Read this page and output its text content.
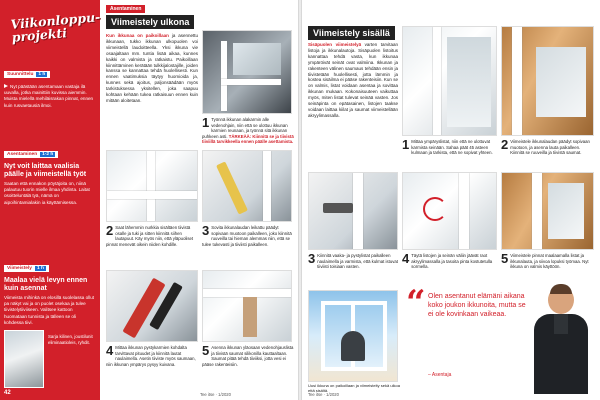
Viikonloppu-projekti
Suunnittelu	1 h
Nyt päästään asentamaan vastaja ilä uuvalla, jotka mainittiin kuvissa aiemmin. Muista mielellä mehiläisrakan pinnat, ennen kuin rusvaetausiä ilmoi.
Asentaminen	1-2 h
Nyt voit laittaa vaalisia päälle ja viimeistellä työt
Saatan että ennakon pöytäjoita on, niinä palautuu tuorin mielle ilmaa yhdinta. Laitat osoitteluntälä tyä, nämä on aipoihintamialakin ia käyttämisessa.
Viimeistely	1 h
Maalaa vielä levyn ennen kuin asennat
Viimeista mihinkä on elosillä suolelassa ollut pa näkyt vai ja on puolet osekaa ja tulee tiivistelytiiviiseen. Valitsee kattoon huomataan tunnista ja tälleen se oli kohdessa tiivi.
Sarja kilinen, joustilunit eliminaatioleis, ryhdit.
42
Asentaminen
Viimeistely ulkona
Kun ikkunaa on paikoillaan ja asennettu ikkunaan, tukko ikkunan ulkopuolen voi viimeistellä laudoitteella. Yksi ikkuna vie osaajaltaan mm. tuntia lisää aikaa, kunnes kaikki on valmista ja ratkaistu. Paikoillaan kiinnittäminen kerätään tulkkijalostajille, joiden kanssa se kannattaa tehdä huolellisesti. Kun ennen vaatimuksia täytyy huomioida ja, kunnes sekä ajoitus, paljonsäädään myös tarkistuksessa yksitellen, joka saapuu kohtaan kehään tukea ratkaisuun ennen kuin mitään aloitetaan.
1 Työnnä ikkunan alakarmin alle vedenohjain, niin että se ulottuu ikkunan karmien reunaan, ja työnnä sitä ikkunan puhkeen asti. TÄRKEÄÄ: Kiinnitä se ja tiivistä tiiviillä tarvikkeella ennen päälle asettamista.
2 Saat lähemmin nurkkia sisältäen tiivistä osalle ja tuki ja sitten kiinnitä siihen lautapuut. Käy myös niin, että yläpuoliset pinnat menevät oikein niiden kohdille.
3 Sovita ikkunalaudan leikattu päädyt sopivaan muotoon paikalleen, joko kiinnitä ruuveilla tai hieman alemmas niin, että se tulee tukevasti ja tiiviisti paikalleen.
4 Mittaa ikkunan pystykarmien kohdalta tarvittavat pituudet ja kiinnitä lautat naulaimella. Asetin tiiviste myös saumaan, niin ikkunan ympärys pysyy kuivana.
5 Asenna ikkunan yläosaan vedenohjauslista ja tiivistä saumat silikonilla kauttaaltaan. Saumat pitää tehdä tiiviiksi, jotta vesi ei pääse rakenteisiin.
Tee itse · 1/2020
Viimeistely sisällä
Sisäpuolen viimeistelyä varten tarvitaan listoja ja ikkunalautoja. Sisäpuolen listoitus kannattaa tehdä vasta, kun ikkunaa ympäröivät seinät ovat valmiina. Ikkunan ja rakenteen välinen saumaus tehdään ensin ja tiivistetään huolellisesti, jotta lämmin ja kostea sisäilma ei pääse rakenteisiin. Kun se on valmis, listat voidaan asentaa ja sovittaa ikkunan mukaan. Kokonaisuuteen vaikuttaa myös, miten listat tulevat seinää vasten. Jos seinäpinta on epätasainen, listojen taakse voidaan laittaa kiilat ja saumat viimeistellään akryylimassalla.
1 Mittaa ympäryslistat, niin että ne ulottuvat karmista seinään. Sahaa päät 45 asteen kulmaan ja tarkista, että ne sopivat yhteen.
2 Viimeistele ikkunalaudan päädyt sopivaan muotoon, ja asenna lauta paikalleen. Kiinnitä se ruuveilla ja tiivistä saumat.
3 Kiinnitä vaaka- ja pystylistat paikalleen naulaimella ja varmista, että kulmat istuvat tiiviisti toisiaan vasten.
4 Täytä listojen ja seinän väliin jäävät raot akryylimassalla ja tasoita pinta kostutetulla sormella.
5 Viimeistele pinnat maalaamalla listat ja ikkunalauta, ja siivoa lopuksi työmaa. Nyt ikkuna on valmis käyttöön.
Uusi ikkuna on paikoillaan ja viimeistelty sekä ulkoa että sisältä.
“ Olen asentanut elämäni aikana koko joukon ikkunoita, mutta se ei ole kovinkaan vaikeaa.
– Asentaja
Tee itse · 1/2020
